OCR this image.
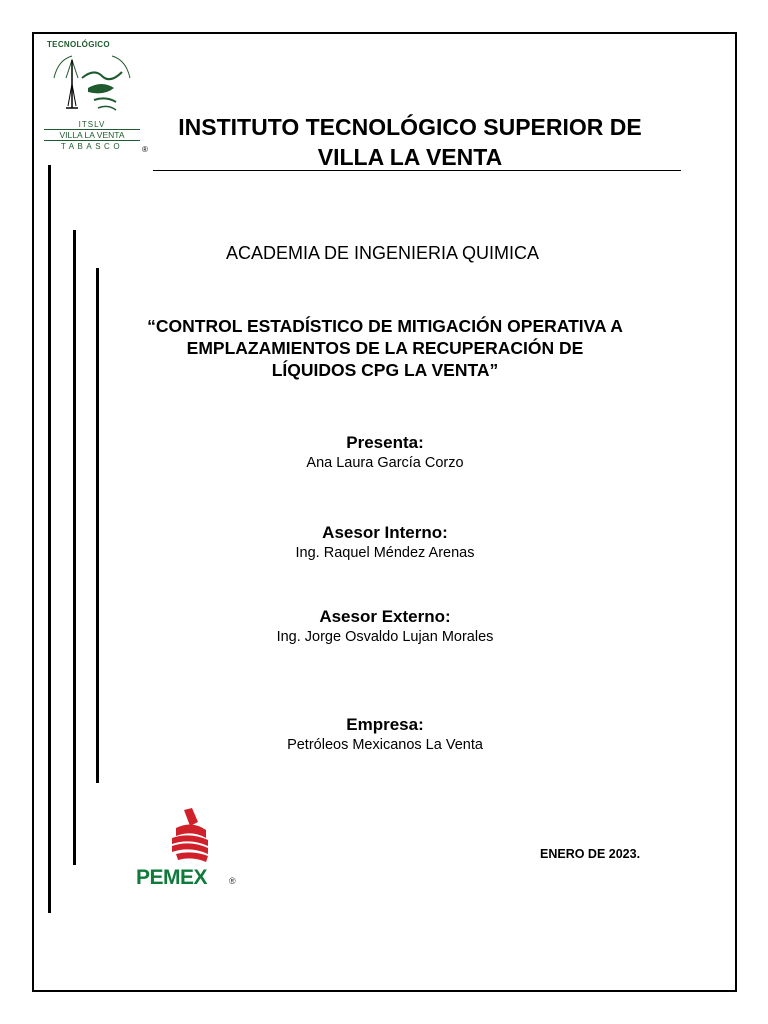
TECNOLÓGICO
ITSLV
VILLA LA VENTA
TABASCO	®
INSTITUTO TECNOLÓGICO SUPERIOR DE
VILLA LA VENTA
ACADEMIA DE INGENIERIA QUIMICA
“CONTROL ESTADÍSTICO DE MITIGACIÓN OPERATIVA A
EMPLAZAMIENTOS DE LA RECUPERACIÓN DE
LÍQUIDOS CPG LA VENTA”
Presenta:
Ana Laura García Corzo
Asesor Interno:
Ing. Raquel Méndez Arenas
Asesor Externo:
Ing. Jorge Osvaldo Lujan Morales
Empresa:
Petróleos Mexicanos La Venta
PEMEX ®
ENERO DE 2023.
